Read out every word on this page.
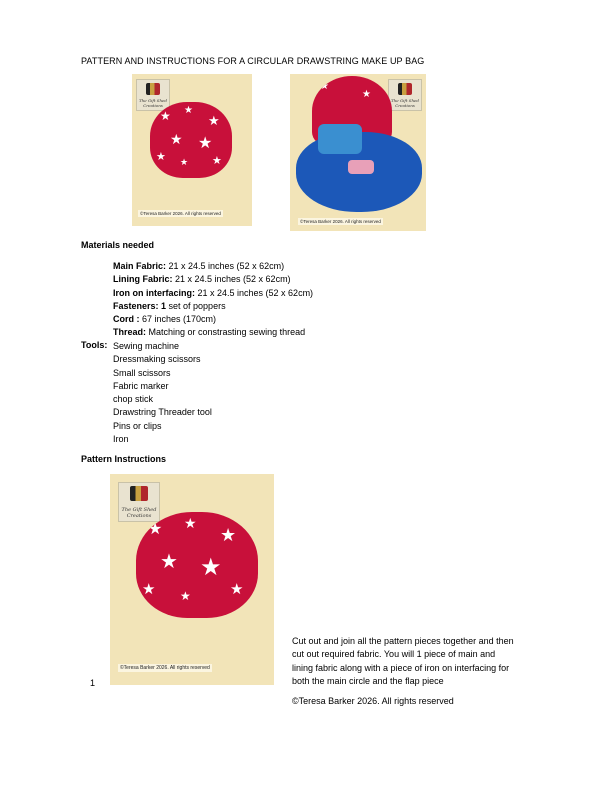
PATTERN AND INSTRUCTIONS FOR A CIRCULAR DRAWSTRING MAKE UP BAG
The Gift Shed
Creations
★ ★
★
★ ★
★	★
★
©Teresa Barker 2026. All rights reserved
The Gift Shed
Creations
★
★
©Teresa Barker 2026. All rights reserved
Materials needed
Main Fabric: 21 x 24.5 inches (52 x 62cm)
Lining Fabric: 21 x 24.5 inches (52 x 62cm)
Iron on interfacing: 21 x 24.5 inches (52 x 62cm)
Fasteners: 1 set of poppers
Cord : 67 inches (170cm)
Thread: Matching or constrasting sewing thread
Tools: Sewing machine
Dressmaking scissors
Small scissors
Fabric marker
chop stick
Drawstring Threader tool
Pins or clips
Iron
Pattern Instructions
The Gift Shed
Creations
★ ★
★
★ ★
★	★
★
©Teresa Barker 2026. All rights reserved
Cut out and join all the pattern pieces together and then
cut out required fabric. You will 1 piece of main and
lining fabric along with a piece of iron on interfacing for
both the main circle and the flap piece
©Teresa Barker 2026. All rights reserved
1
